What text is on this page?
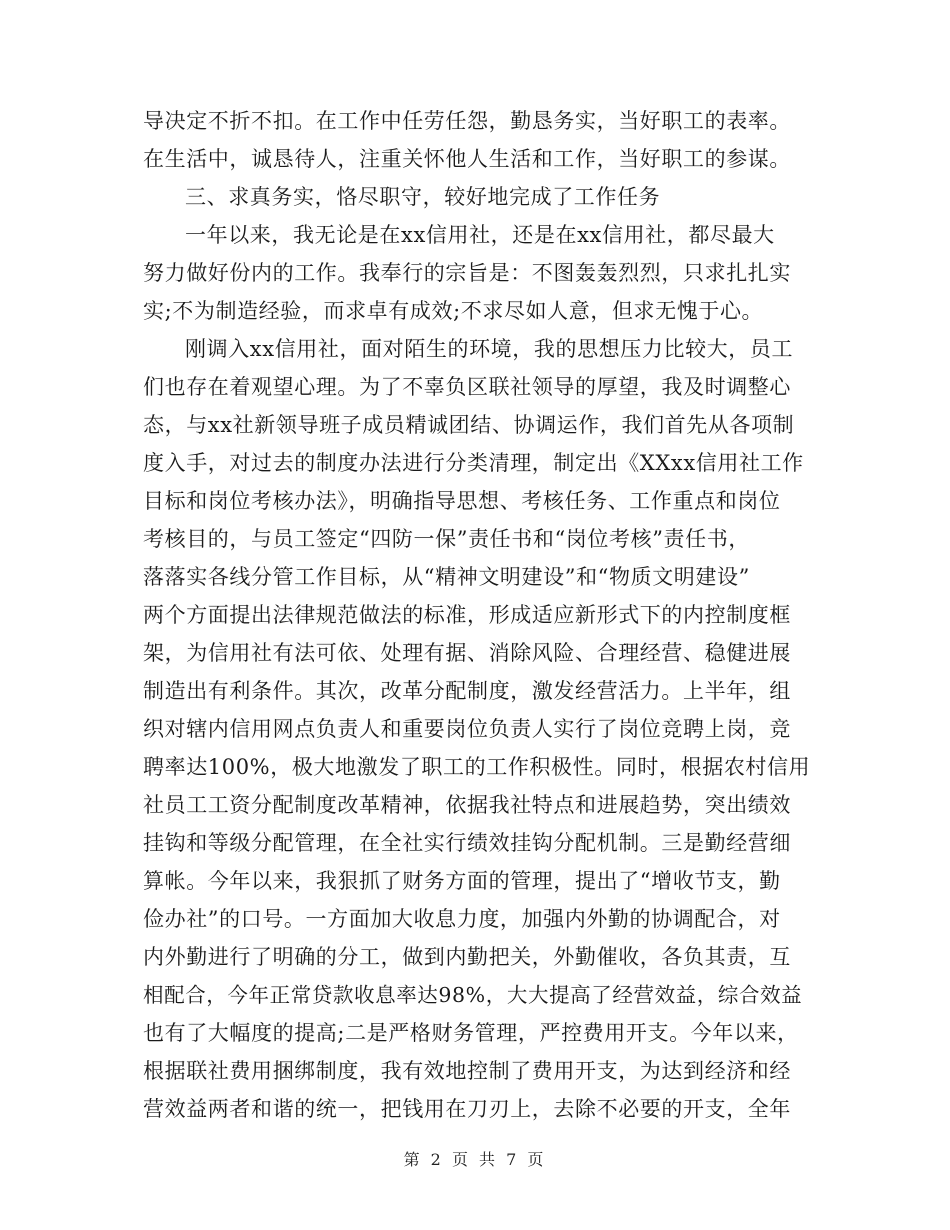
导决定不折不扣。在工作中任劳任怨，勤恳务实，当好职工的表率。
在生活中，诚恳待人，注重关怀他人生活和工作，当好职工的参谋。
三、求真务实，恪尽职守，较好地完成了工作任务
一年以来，我无论是在xx信用社，还是在xx信用社，都尽最大
努力做好份内的工作。我奉行的宗旨是：不图轰轰烈烈，只求扎扎实
实;不为制造经验，而求卓有成效;不求尽如人意，但求无愧于心。
刚调入xx信用社，面对陌生的环境，我的思想压力比较大，员工
们也存在着观望心理。为了不辜负区联社领导的厚望，我及时调整心
态，与xx社新领导班子成员精诚团结、协调运作，我们首先从各项制
度入手，对过去的制度办法进行分类清理，制定出《XXxx信用社工作
目标和岗位考核办法》，明确指导思想、考核任务、工作重点和岗位
考核目的，与员工签定“四防一保”责任书和“岗位考核”责任书，
落落实各线分管工作目标，从“精神文明建设”和“物质文明建设”
两个方面提出法律规范做法的标准，形成适应新形式下的内控制度框
架，为信用社有法可依、处理有据、消除风险、合理经营、稳健进展
制造出有利条件。其次，改革分配制度，激发经营活力。上半年，组
织对辖内信用网点负责人和重要岗位负责人实行了岗位竞聘上岗，竞
聘率达100%，极大地激发了职工的工作积极性。同时，根据农村信用
社员工工资分配制度改革精神，依据我社特点和进展趋势，突出绩效
挂钩和等级分配管理，在全社实行绩效挂钩分配机制。三是勤经营细
算帐。今年以来，我狠抓了财务方面的管理，提出了“增收节支，勤
俭办社”的口号。一方面加大收息力度，加强内外勤的协调配合，对
内外勤进行了明确的分工，做到内勤把关，外勤催收，各负其责，互
相配合，今年正常贷款收息率达98%，大大提高了经营效益，综合效益
也有了大幅度的提高;二是严格财务管理，严控费用开支。今年以来，
根据联社费用捆绑制度，我有效地控制了费用开支，为达到经济和经
营效益两者和谐的统一，把钱用在刀刃上，去除不必要的开支，全年
第 2 页 共 7 页
